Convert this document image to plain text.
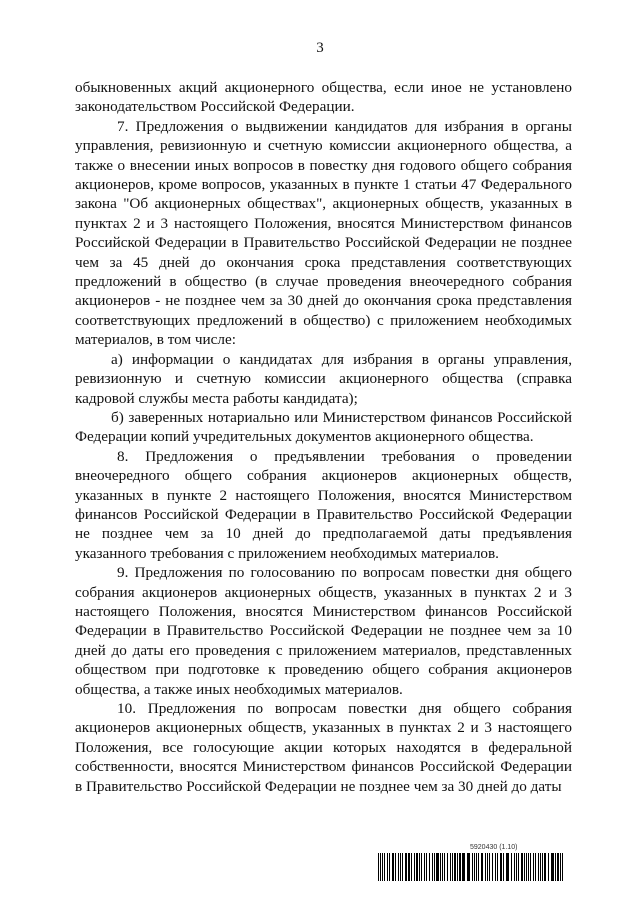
3

обыкновенных акций акционерного общества, если иное не установлено законодательством Российской Федерации.

7. Предложения о выдвижении кандидатов для избрания в органы управления, ревизионную и счетную комиссии акционерного общества, а также о внесении иных вопросов в повестку дня годового общего собрания акционеров, кроме вопросов, указанных в пункте 1 статьи 47 Федерального закона "Об акционерных обществах", акционерных обществ, указанных в пунктах 2 и 3 настоящего Положения, вносятся Министерством финансов Российской Федерации в Правительство Российской Федерации не позднее чем за 45 дней до окончания срока представления соответствующих предложений в общество (в случае проведения внеочередного собрания акционеров - не позднее чем за 30 дней до окончания срока представления соответствующих предложений в общество) с приложением необходимых материалов, в том числе:

а) информации о кандидатах для избрания в органы управления, ревизионную и счетную комиссии акционерного общества (справка кадровой службы места работы кандидата);

б) заверенных нотариально или Министерством финансов Российской Федерации копий учредительных документов акционерного общества.

8. Предложения о предъявлении требования о проведении внеочередного общего собрания акционеров акционерных обществ, указанных в пункте 2 настоящего Положения, вносятся Министерством финансов Российской Федерации в Правительство Российской Федерации не позднее чем за 10 дней до предполагаемой даты предъявления указанного требования с приложением необходимых материалов.

9. Предложения по голосованию по вопросам повестки дня общего собрания акционеров акционерных обществ, указанных в пунктах 2 и 3 настоящего Положения, вносятся Министерством финансов Российской Федерации в Правительство Российской Федерации не позднее чем за 10 дней до даты его проведения с приложением материалов, представленных обществом при подготовке к проведению общего собрания акционеров общества, а также иных необходимых материалов.

10. Предложения по вопросам повестки дня общего собрания акционеров акционерных обществ, указанных в пунктах 2 и 3 настоящего Положения, все голосующие акции которых находятся в федеральной собственности, вносятся Министерством финансов Российской Федерации в Правительство Российской Федерации не позднее чем за 30 дней до даты

5920430 (1.10)
